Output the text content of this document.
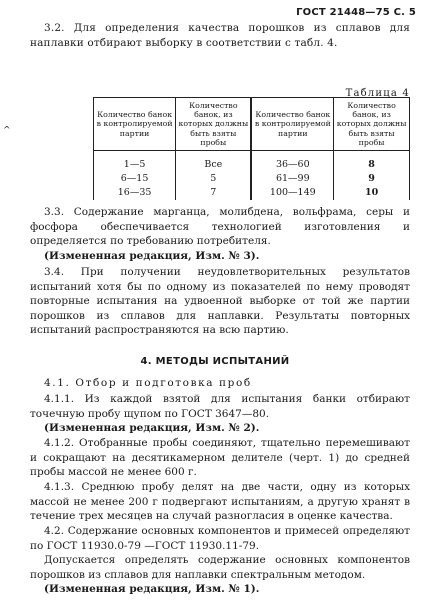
ГОСТ 21448—75 С. 5

3.2. Для определения качества порошков из сплавов для наплавки отбирают выборку в соответствии с табл. 4.

Таблица 4
^
Количество банок в контролируемой партии	Количество банок, из которых должны быть взяты пробы	Количество банок в контролируемой партии	Количество банок, из которых должны быть взяты пробы
1—5	Все	36—60	8
6—15	5	61—99	9
16—35	7	100—149	10

3.3. Содержание марганца, молибдена, вольфрама, серы и фосфора обеспечивается технологией изготовления и определяется по требованию потребителя.

(Измененная редакция, Изм. № 3).

3.4. При получении неудовлетворительных результатов испытаний хотя бы по одному из показателей по нему проводят повторные испытания на удвоенной выборке от той же партии порошков из сплавов для наплавки. Результаты повторных испытаний распространяются на всю партию.

4. МЕТОДЫ ИСПЫТАНИЙ

4.1. Отбор и подготовка проб

4.1.1. Из каждой взятой для испытания банки отбирают точечную пробу щупом по ГОСТ 3647—80.

(Измененная редакция, Изм. № 2).

4.1.2. Отобранные пробы соединяют, тщательно перемешивают и сокращают на десятикамерном делителе (черт. 1) до средней пробы массой не менее 600 г.

4.1.3. Среднюю пробу делят на две части, одну из которых массой не менее 200 г подвергают испытаниям, а другую хранят в течение трех месяцев на случай разногласия в оценке качества.

4.2. Содержание основных компонентов и примесей определяют по ГОСТ 11930.0-79 —ГОСТ 11930.11-79.

Допускается определять содержание основных компонентов порошков из сплавов для наплавки спектральным методом.

(Измененная редакция, Изм. № 1).
